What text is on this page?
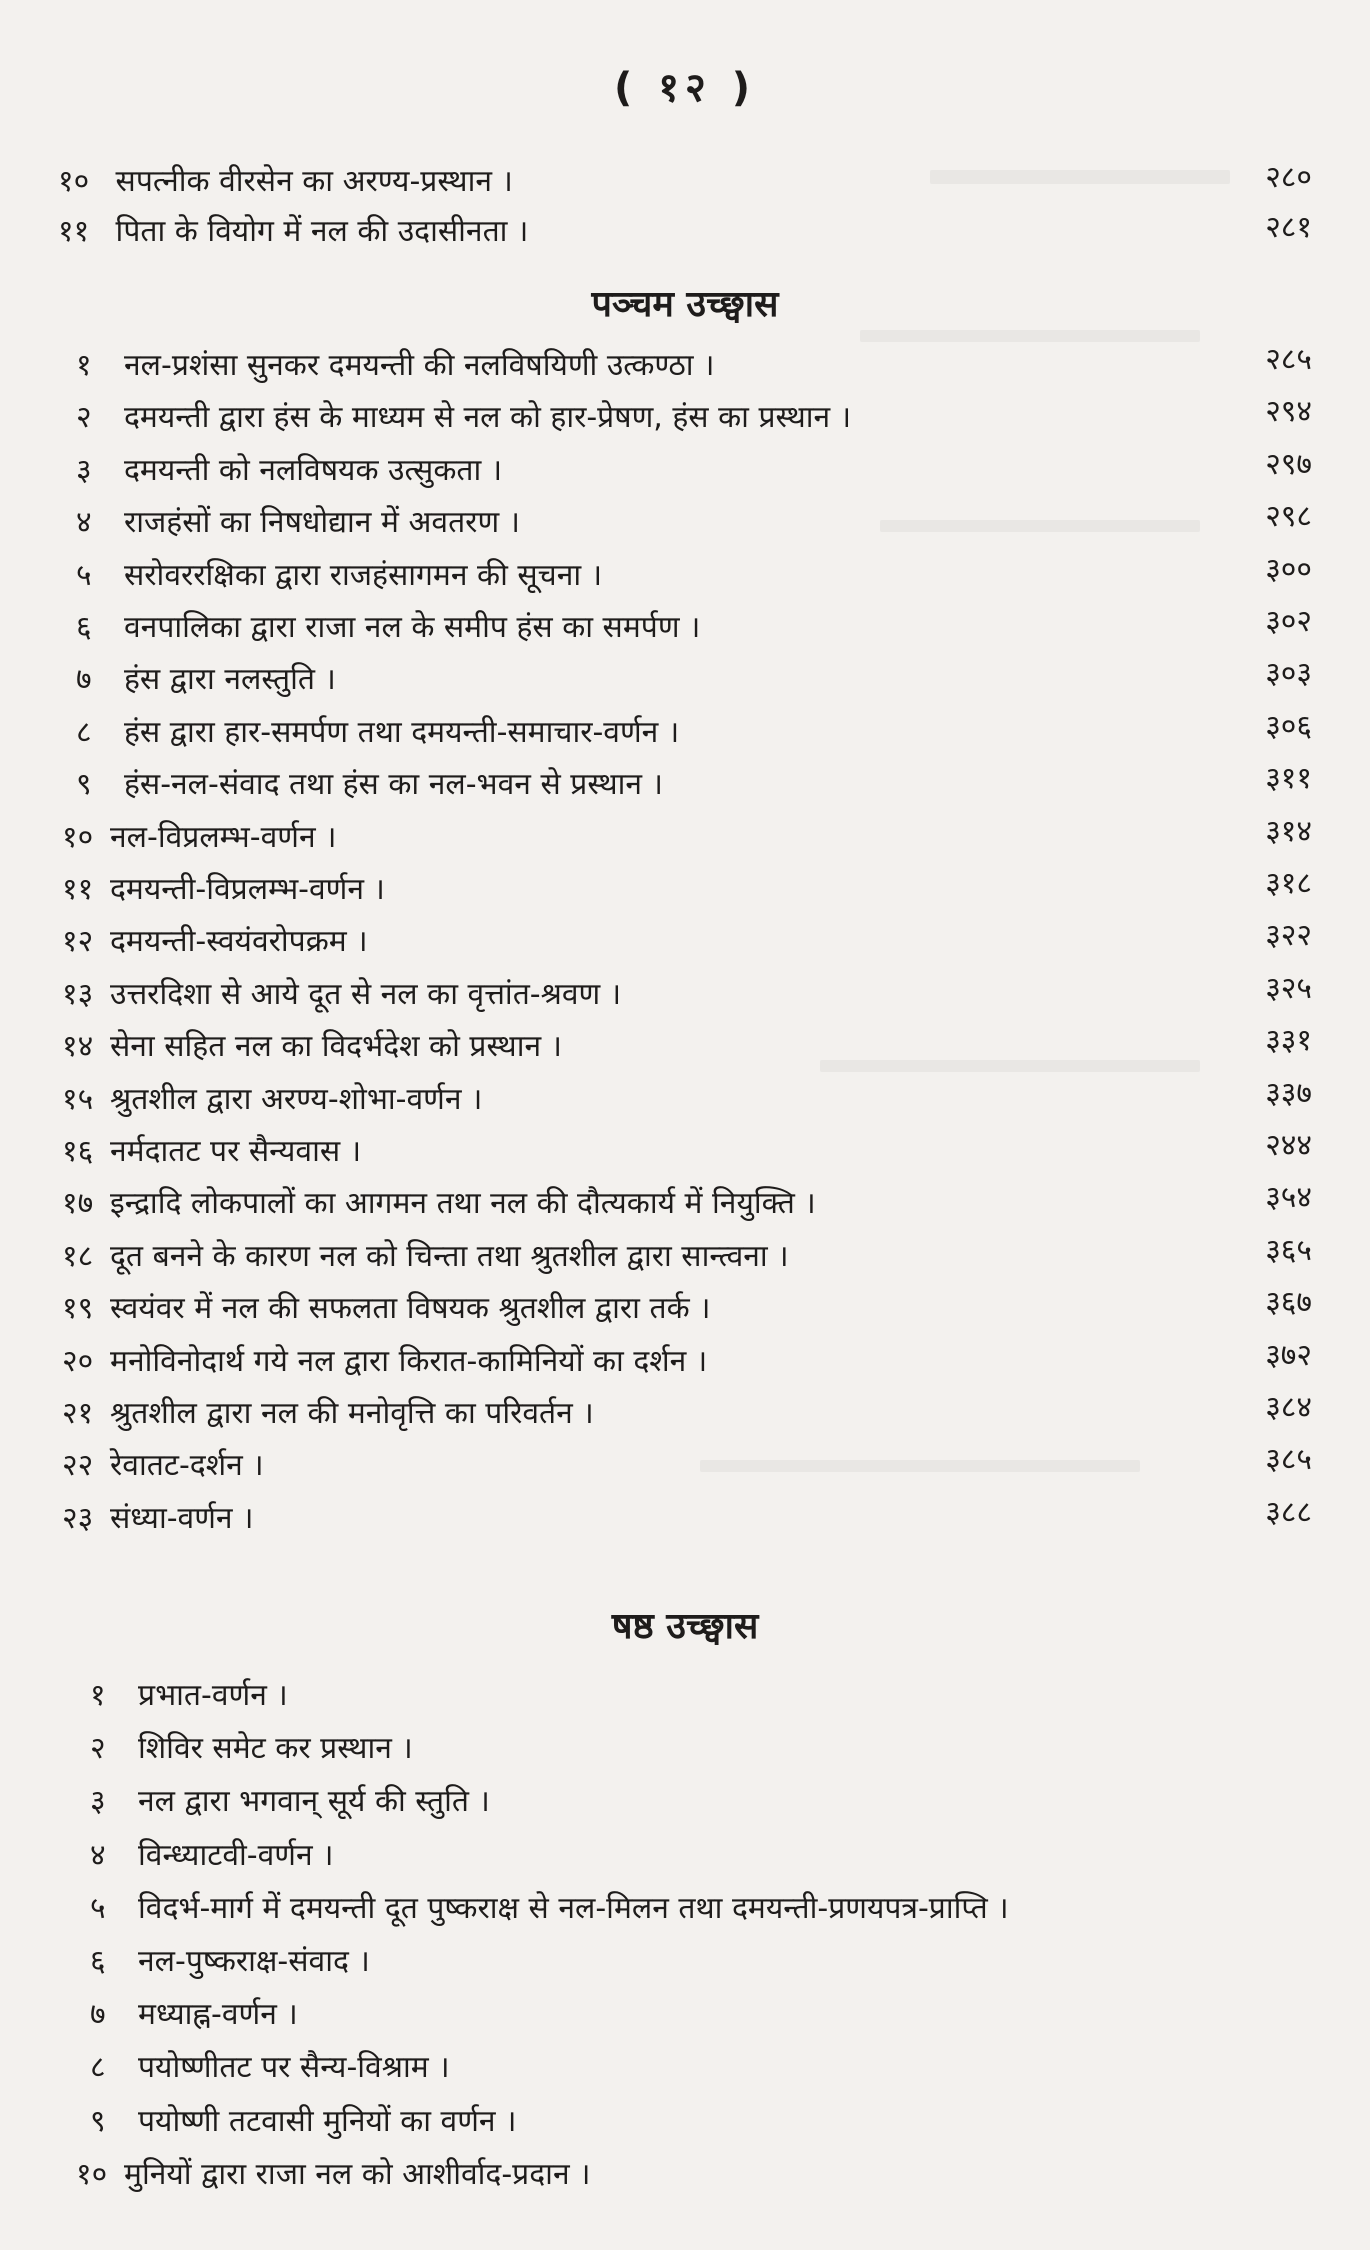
( १२ )
१० सपत्नीक वीरसेन का अरण्य-प्रस्थान ।	२८०
११ पिता के वियोग में नल की उदासीनता ।	२८१
पञ्चम उच्छ्वास
१ नल-प्रशंसा सुनकर दमयन्ती की नलविषयिणी उत्कण्ठा ।	२८५
२ दमयन्ती द्वारा हंस के माध्यम से नल को हार-प्रेषण, हंस का प्रस्थान ।	२९४
३ दमयन्ती को नलविषयक उत्सुकता ।	२९७
४ राजहंसों का निषधोद्यान में अवतरण ।	२९८
५ सरोवररक्षिका द्वारा राजहंसागमन की सूचना ।	३००
६ वनपालिका द्वारा राजा नल के समीप हंस का समर्पण ।	३०२
७ हंस द्वारा नलस्तुति ।	३०३
८ हंस द्वारा हार-समर्पण तथा दमयन्ती-समाचार-वर्णन ।	३०६
९ हंस-नल-संवाद तथा हंस का नल-भवन से प्रस्थान ।	३११
१० नल-विप्रलम्भ-वर्णन ।	३१४
११ दमयन्ती-विप्रलम्भ-वर्णन ।	३१८
१२ दमयन्ती-स्वयंवरोपक्रम ।	३२२
१३ उत्तरदिशा से आये दूत से नल का वृत्तांत-श्रवण ।	३२५
१४ सेना सहित नल का विदर्भदेश को प्रस्थान ।	३३१
१५ श्रुतशील द्वारा अरण्य-शोभा-वर्णन ।	३३७
१६ नर्मदातट पर सैन्यवास ।	२४४
१७ इन्द्रादि लोकपालों का आगमन तथा नल की दौत्यकार्य में नियुक्ति ।	३५४
१८ दूत बनने के कारण नल को चिन्ता तथा श्रुतशील द्वारा सान्त्वना ।	३६५
१९ स्वयंवर में नल की सफलता विषयक श्रुतशील द्वारा तर्क ।	३६७
२० मनोविनोदार्थ गये नल द्वारा किरात-कामिनियों का दर्शन ।	३७२
२१ श्रुतशील द्वारा नल की मनोवृत्ति का परिवर्तन ।	३८४
२२ रेवातट-दर्शन ।	३८५
२३ संध्या-वर्णन ।	३८८
षष्ठ उच्छ्वास
१ प्रभात-वर्णन ।
२ शिविर समेट कर प्रस्थान ।
३ नल द्वारा भगवान् सूर्य की स्तुति ।
४ विन्ध्याटवी-वर्णन ।
५ विदर्भ-मार्ग में दमयन्ती दूत पुष्कराक्ष से नल-मिलन तथा दमयन्ती-प्रणयपत्र-प्राप्ति ।
६ नल-पुष्कराक्ष-संवाद ।
७ मध्याह्न-वर्णन ।
८ पयोष्णीतट पर सैन्य-विश्राम ।
९ पयोष्णी तटवासी मुनियों का वर्णन ।
१० मुनियों द्वारा राजा नल को आशीर्वाद-प्रदान ।
